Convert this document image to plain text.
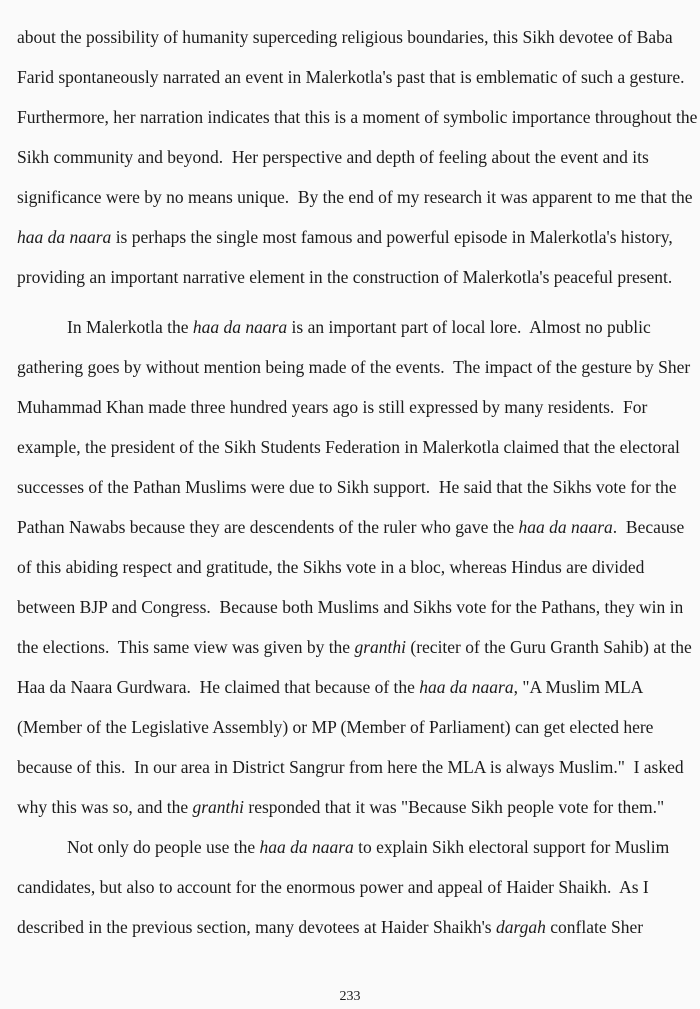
about the possibility of humanity superceding religious boundaries, this Sikh devotee of Baba
Farid spontaneously narrated an event in Malerkotla's past that is emblematic of such a gesture.
Furthermore, her narration indicates that this is a moment of symbolic importance throughout the
Sikh community and beyond.  Her perspective and depth of feeling about the event and its
significance were by no means unique.  By the end of my research it was apparent to me that the
haa da naara is perhaps the single most famous and powerful episode in Malerkotla's history,
providing an important narrative element in the construction of Malerkotla's peaceful present.
In Malerkotla the haa da naara is an important part of local lore.  Almost no public
gathering goes by without mention being made of the events.  The impact of the gesture by Sher
Muhammad Khan made three hundred years ago is still expressed by many residents.  For
example, the president of the Sikh Students Federation in Malerkotla claimed that the electoral
successes of the Pathan Muslims were due to Sikh support.  He said that the Sikhs vote for the
Pathan Nawabs because they are descendents of the ruler who gave the haa da naara.  Because
of this abiding respect and gratitude, the Sikhs vote in a bloc, whereas Hindus are divided
between BJP and Congress.  Because both Muslims and Sikhs vote for the Pathans, they win in
the elections.  This same view was given by the granthi (reciter of the Guru Granth Sahib) at the
Haa da Naara Gurdwara.  He claimed that because of the haa da naara, "A Muslim MLA
(Member of the Legislative Assembly) or MP (Member of Parliament) can get elected here
because of this.  In our area in District Sangrur from here the MLA is always Muslim."  I asked
why this was so, and the granthi responded that it was "Because Sikh people vote for them."
Not only do people use the haa da naara to explain Sikh electoral support for Muslim
candidates, but also to account for the enormous power and appeal of Haider Shaikh.  As I
described in the previous section, many devotees at Haider Shaikh's dargah conflate Sher
233
